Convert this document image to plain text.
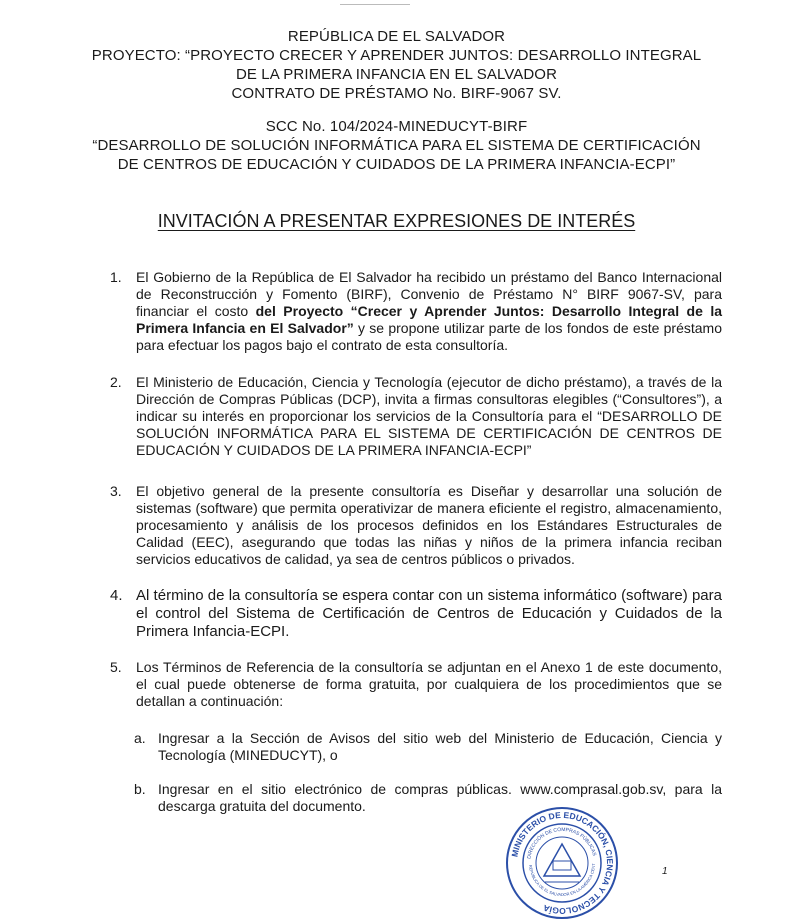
REPÚBLICA DE EL SALVADOR
PROYECTO: “PROYECTO CRECER Y APRENDER JUNTOS: DESARROLLO INTEGRAL
DE LA PRIMERA INFANCIA EN EL SALVADOR
CONTRATO DE PRÉSTAMO No. BIRF-9067 SV.
SCC No. 104/2024-MINEDUCYT-BIRF
“DESARROLLO DE SOLUCIÓN INFORMÁTICA PARA EL SISTEMA DE CERTIFICACIÓN
DE CENTROS DE EDUCACIÓN Y CUIDADOS DE LA PRIMERA INFANCIA-ECPI”
INVITACIÓN A PRESENTAR EXPRESIONES DE INTERÉS
1. El Gobierno de la República de El Salvador ha recibido un préstamo del Banco Internacional de Reconstrucción y Fomento (BIRF), Convenio de Préstamo N° BIRF 9067-SV, para financiar el costo del Proyecto “Crecer y Aprender Juntos: Desarrollo Integral de la Primera Infancia en El Salvador” y se propone utilizar parte de los fondos de este préstamo para efectuar los pagos bajo el contrato de esta consultoría.
2. El Ministerio de Educación, Ciencia y Tecnología (ejecutor de dicho préstamo), a través de la Dirección de Compras Públicas (DCP), invita a firmas consultoras elegibles (“Consultores”), a indicar su interés en proporcionar los servicios de la Consultoría para el “DESARROLLO DE SOLUCIÓN INFORMÁTICA PARA EL SISTEMA DE CERTIFICACIÓN DE CENTROS DE EDUCACIÓN Y CUIDADOS DE LA PRIMERA INFANCIA-ECPI”
3. El objetivo general de la presente consultoría es Diseñar y desarrollar una solución de sistemas (software) que permita operativizar de manera eficiente el registro, almacenamiento, procesamiento y análisis de los procesos definidos en los Estándares Estructurales de Calidad (EEC), asegurando que todas las niñas y niños de la primera infancia reciban servicios educativos de calidad, ya sea de centros públicos o privados.
4. Al término de la consultoría se espera contar con un sistema informático (software) para el control del Sistema de Certificación de Centros de Educación y Cuidados de la Primera Infancia-ECPI.
5. Los Términos de Referencia de la consultoría se adjuntan en el Anexo 1 de este documento, el cual puede obtenerse de forma gratuita, por cualquiera de los procedimientos que se detallan a continuación:
a. Ingresar a la Sección de Avisos del sitio web del Ministerio de Educación, Ciencia y Tecnología (MINEDUCYT), o
b. Ingresar en el sitio electrónico de compras públicas. www.comprasal.gob.sv, para la descarga gratuita del documento.
MINISTERIO DE EDUCACIÓN, CIENCIA Y TECNOLOGÍA
DIRECCIÓN DE COMPRAS PÚBLICAS
REPÚBLICA DE EL SALVADOR EN LA AMÉRICA CENT
1
